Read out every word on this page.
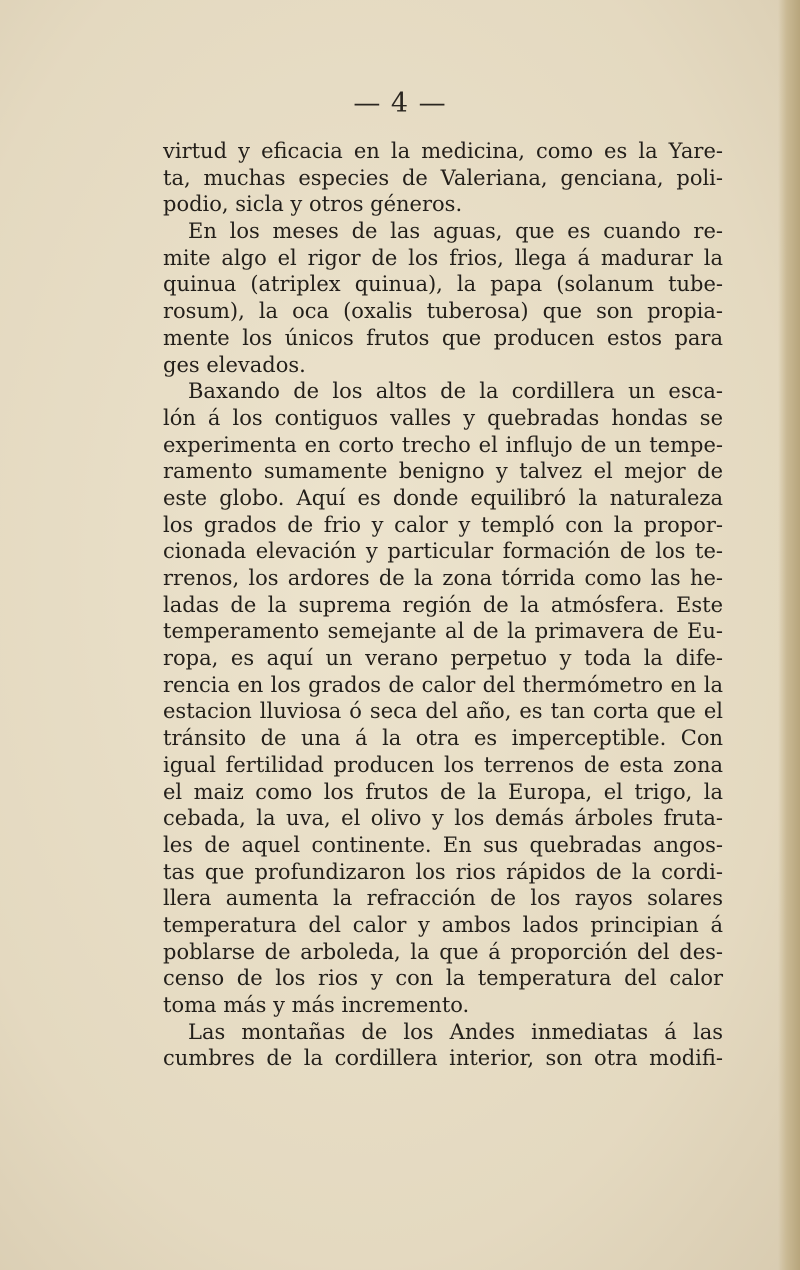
— 4 —
virtud y eficacia en la medicina, como es la Yare-
ta, muchas especies de Valeriana, genciana, poli-
podio, sicla y otros géneros.
En los meses de las aguas, que es cuando re-
mite algo el rigor de los frios, llega á madurar la
quinua (atriplex quinua), la papa (solanum tube-
rosum), la oca (oxalis tuberosa) que son propia-
mente los únicos frutos que producen estos para
ges elevados.
Baxando de los altos de la cordillera un esca-
lón á los contiguos valles y quebradas hondas se
experimenta en corto trecho el influjo de un tempe-
ramento sumamente benigno y talvez el mejor de
este globo. Aquí es donde equilibró la naturaleza
los grados de frio y calor y templó con la propor-
cionada elevación y particular formación de los te-
rrenos, los ardores de la zona tórrida como las he-
ladas de la suprema región de la atmósfera. Este
temperamento semejante al de la primavera de Eu-
ropa, es aquí un verano perpetuo y toda la dife-
rencia en los grados de calor del thermómetro en la
estacion lluviosa ó seca del año, es tan corta que el
tránsito de una á la otra es imperceptible. Con
igual fertilidad producen los terrenos de esta zona
el maiz como los frutos de la Europa, el trigo, la
cebada, la uva, el olivo y los demás árboles fruta-
les de aquel continente. En sus quebradas angos-
tas que profundizaron los rios rápidos de la cordi-
llera aumenta la refracción de los rayos solares
temperatura del calor y ambos lados principian á
poblarse de arboleda, la que á proporción del des-
censo de los rios y con la temperatura del calor
toma más y más incremento.
Las montañas de los Andes inmediatas á las
cumbres de la cordillera interior, son otra modifi-
